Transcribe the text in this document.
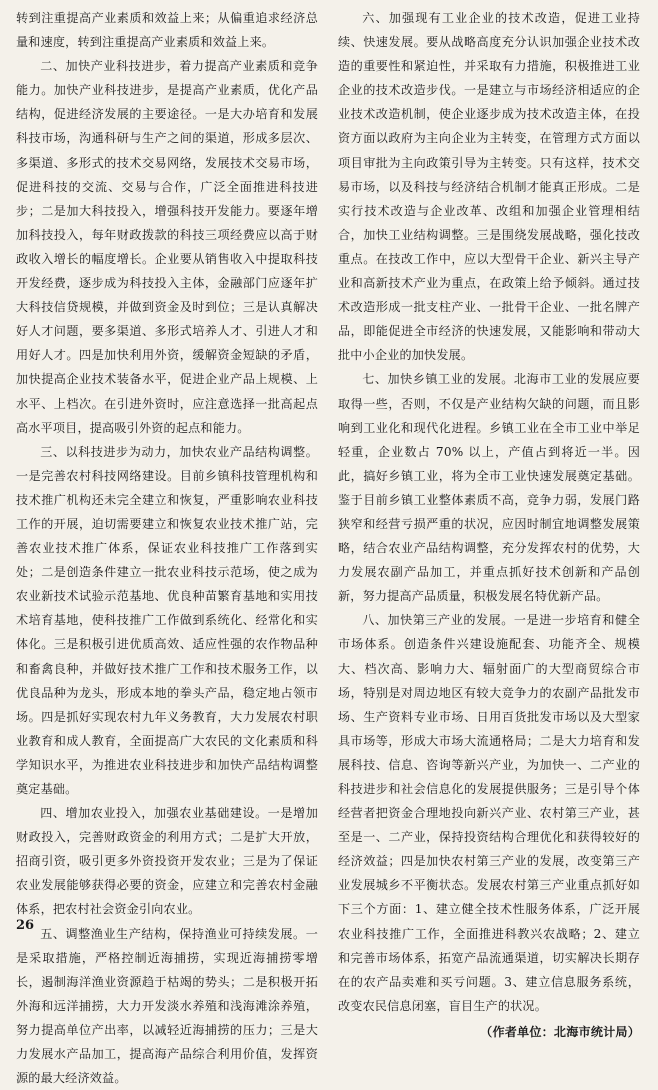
转到注重提高产业素质和效益上来；从偏重追求经济总量和速度，转到注重提高产业素质和效益上来。

二、加快产业科技进步，着力提高产业素质和竞争能力。加快产业科技进步，是提高产业素质，优化产品结构，促进经济发展的主要途径。一是大办培育和发展科技市场，沟通科研与生产之间的渠道，形成多层次、多渠道、多形式的技术交易网络，发展技术交易市场，促进科技的交流、交易与合作，广泛全面推进科技进步；二是加大科技投入，增强科技开发能力。要逐年增加科技投入，每年财政拨款的科技三项经费应以高于财政收入增长的幅度增长。企业要从销售收入中提取科技开发经费，逐步成为科技投入主体，金融部门应逐年扩大科技信贷规模，并做到资金及时到位；三是认真解决好人才问题，要多渠道、多形式培养人才、引进人才和用好人才。四是加快利用外资，缓解资金短缺的矛盾，加快提高企业技术装备水平，促进企业产品上规模、上水平、上档次。在引进外资时，应注意选择一批高起点高水平项目，提高吸引外资的起点和能力。

三、以科技进步为动力，加快农业产品结构调整。一是完善农村科技网络建设。目前乡镇科技管理机构和技术推广机构还未完全建立和恢复，严重影响农业科技工作的开展，迫切需要建立和恢复农业技术推广站，完善农业技术推广体系，保证农业科技推广工作落到实处；二是创造条件建立一批农业科技示范场，使之成为农业新技术试验示范基地、优良种苗繁育基地和实用技术培育基地，使科技推广工作做到系统化、经常化和实体化。三是积极引进优质高效、适应性强的农作物品种和畜禽良种，并做好技术推广工作和技术服务工作，以优良品种为龙头，形成本地的拳头产品，稳定地占领市场。四是抓好实现农村九年义务教育，大力发展农村职业教育和成人教育，全面提高广大农民的文化素质和科学知识水平，为推进农业科技进步和加快产品结构调整奠定基础。

四、增加农业投入，加强农业基础建设。一是增加财政投入，完善财政资金的利用方式；二是扩大开放，招商引资，吸引更多外资投资开发农业；三是为了保证农业发展能够获得必要的资金，应建立和完善农村金融体系，把农村社会资金引向农业。

五、调整渔业生产结构，保持渔业可持续发展。一是采取措施，严格控制近海捕捞，实现近海捕捞零增长，遏制海洋渔业资源趋于枯竭的势头；二是积极开拓外海和远洋捕捞，大力开发淡水养殖和浅海滩涂养殖，努力提高单位产出率，以减轻近海捕捞的压力；三是大力发展水产品加工，提高海产品综合利用价值，发挥资源的最大经济效益。

六、加强现有工业企业的技术改造，促进工业持续、快速发展。要从战略高度充分认识加强企业技术改造的重要性和紧迫性，并采取有力措施，积极推进工业企业的技术改造步伐。一是建立与市场经济相适应的企业技术改造机制，使企业逐步成为技术改造主体，在投资方面以政府为主向企业为主转变，在管理方式方面以项目审批为主向政策引导为主转变。只有这样，技术交易市场，以及科技与经济结合机制才能真正形成。二是实行技术改造与企业改革、改组和加强企业管理相结合，加快工业结构调整。三是围绕发展战略，强化技改重点。在技改工作中，应以大型骨干企业、新兴主导产业和高新技术产业为重点，在政策上给予倾斜。通过技术改造形成一批支柱产业、一批骨干企业、一批名牌产品，即能促进全市经济的快速发展，又能影响和带动大批中小企业的加快发展。

七、加快乡镇工业的发展。北海市工业的发展应要取得一些，否则，不仅是产业结构欠缺的问题，而且影响到工业化和现代化进程。乡镇工业在全市工业中举足轻重，企业数占 70% 以上，产值占到将近一半。因此，搞好乡镇工业，将为全市工业快速发展奠定基础。鉴于目前乡镇工业整体素质不高，竞争力弱，发展门路狭窄和经营亏损严重的状况，应因时制宜地调整发展策略，结合农业产品结构调整，充分发挥农村的优势，大力发展农副产品加工，并重点抓好技术创新和产品创新，努力提高产品质量，积极发展名特优新产品。

八、加快第三产业的发展。一是进一步培育和健全市场体系。创造条件兴建设施配套、功能齐全、规模大、档次高、影响力大、辐射面广的大型商贸综合市场，特别是对周边地区有较大竞争力的农副产品批发市场、生产资料专业市场、日用百货批发市场以及大型家具市场等，形成大市场大流通格局；二是大力培育和发展科技、信息、咨询等新兴产业，为加快一、二产业的科技进步和社会信息化的发展提供服务；三是引导个体经营者把资金合理地投向新兴产业、农村第三产业，甚至是一、二产业，保持投资结构合理优化和获得较好的经济效益；四是加快农村第三产业的发展，改变第三产业发展城乡不平衡状态。发展农村第三产业重点抓好如下三个方面：1、建立健全技术性服务体系，广泛开展农业科技推广工作，全面推进科教兴农战略；2、建立和完善市场体系，拓宽产品流通渠道，切实解决长期存在的农产品卖难和买亏问题。3、建立信息服务系统，改变农民信息闭塞，盲目生产的状况。

（作者单位：北海市统计局）

26
